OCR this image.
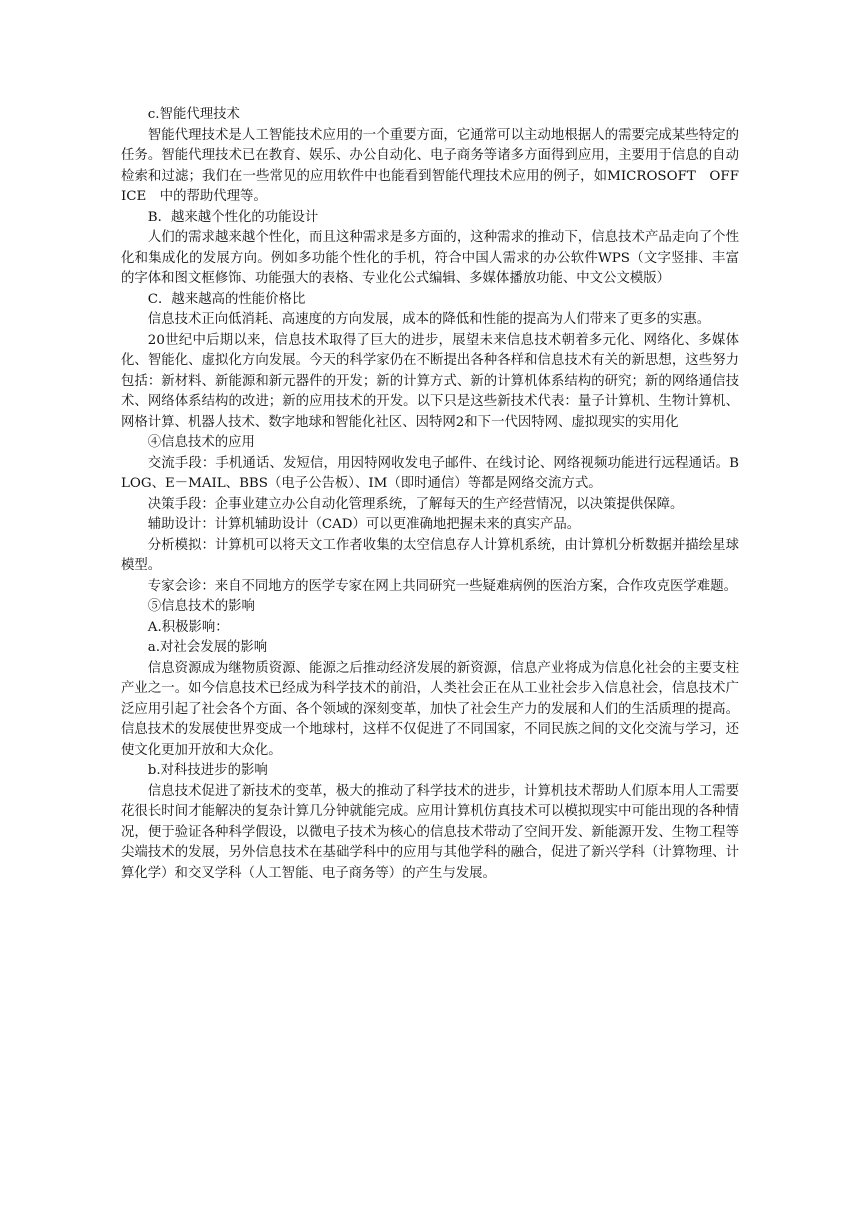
c.智能代理技术

智能代理技术是人工智能技术应用的一个重要方面，它通常可以主动地根据人的需要完成某些特定的任务。智能代理技术已在教育、娱乐、办公自动化、电子商务等诸多方面得到应用，主要用于信息的自动检索和过滤；我们在一些常见的应用软件中也能看到智能代理技术应用的例子，如MICROSOFT　OFFICE　中的帮助代理等。

B．越来越个性化的功能设计

人们的需求越来越个性化，而且这种需求是多方面的，这种需求的推动下，信息技术产品走向了个性化和集成化的发展方向。例如多功能个性化的手机，符合中国人需求的办公软件WPS（文字竖排、丰富的字体和图文框修饰、功能强大的表格、专业化公式编辑、多媒体播放功能、中文公文模版）

C．越来越高的性能价格比

信息技术正向低消耗、高速度的方向发展，成本的降低和性能的提高为人们带来了更多的实惠。

20世纪中后期以来，信息技术取得了巨大的进步，展望未来信息技术朝着多元化、网络化、多媒体化、智能化、虚拟化方向发展。今天的科学家仍在不断提出各种各样和信息技术有关的新思想，这些努力包括：新材料、新能源和新元器件的开发；新的计算方式、新的计算机体系结构的研究；新的网络通信技术、网络体系结构的改进；新的应用技术的开发。以下只是这些新技术代表：量子计算机、生物计算机、网格计算、机器人技术、数字地球和智能化社区、因特网2和下一代因特网、虚拟现实的实用化

④信息技术的应用

交流手段：手机通话、发短信，用因特网收发电子邮件、在线讨论、网络视频功能进行远程通话。BLOG、E－MAIL、BBS（电子公告板）、IM（即时通信）等都是网络交流方式。

决策手段：企事业建立办公自动化管理系统，了解每天的生产经营情况，以决策提供保障。

辅助设计：计算机辅助设计（CAD）可以更准确地把握未来的真实产品。

分析模拟：计算机可以将天文工作者收集的太空信息存人计算机系统，由计算机分析数据并描绘星球模型。

专家会诊：来自不同地方的医学专家在网上共同研究一些疑难病例的医治方案，合作攻克医学难题。

⑤信息技术的影响

A.积极影响：

a.对社会发展的影响

信息资源成为继物质资源、能源之后推动经济发展的新资源，信息产业将成为信息化社会的主要支柱产业之一。如今信息技术已经成为科学技术的前沿，人类社会正在从工业社会步入信息社会，信息技术广泛应用引起了社会各个方面、各个领域的深刻变革，加快了社会生产力的发展和人们的生活质理的提高。信息技术的发展使世界变成一个地球村，这样不仅促进了不同国家，不同民族之间的文化交流与学习，还使文化更加开放和大众化。

b.对科技进步的影响

信息技术促进了新技术的变革，极大的推动了科学技术的进步，计算机技术帮助人们原本用人工需要花很长时间才能解决的复杂计算几分钟就能完成。应用计算机仿真技术可以模拟现实中可能出现的各种情况，便于验证各种科学假设，以微电子技术为核心的信息技术带动了空间开发、新能源开发、生物工程等尖端技术的发展，另外信息技术在基础学科中的应用与其他学科的融合，促进了新兴学科（计算物理、计算化学）和交叉学科（人工智能、电子商务等）的产生与发展。
